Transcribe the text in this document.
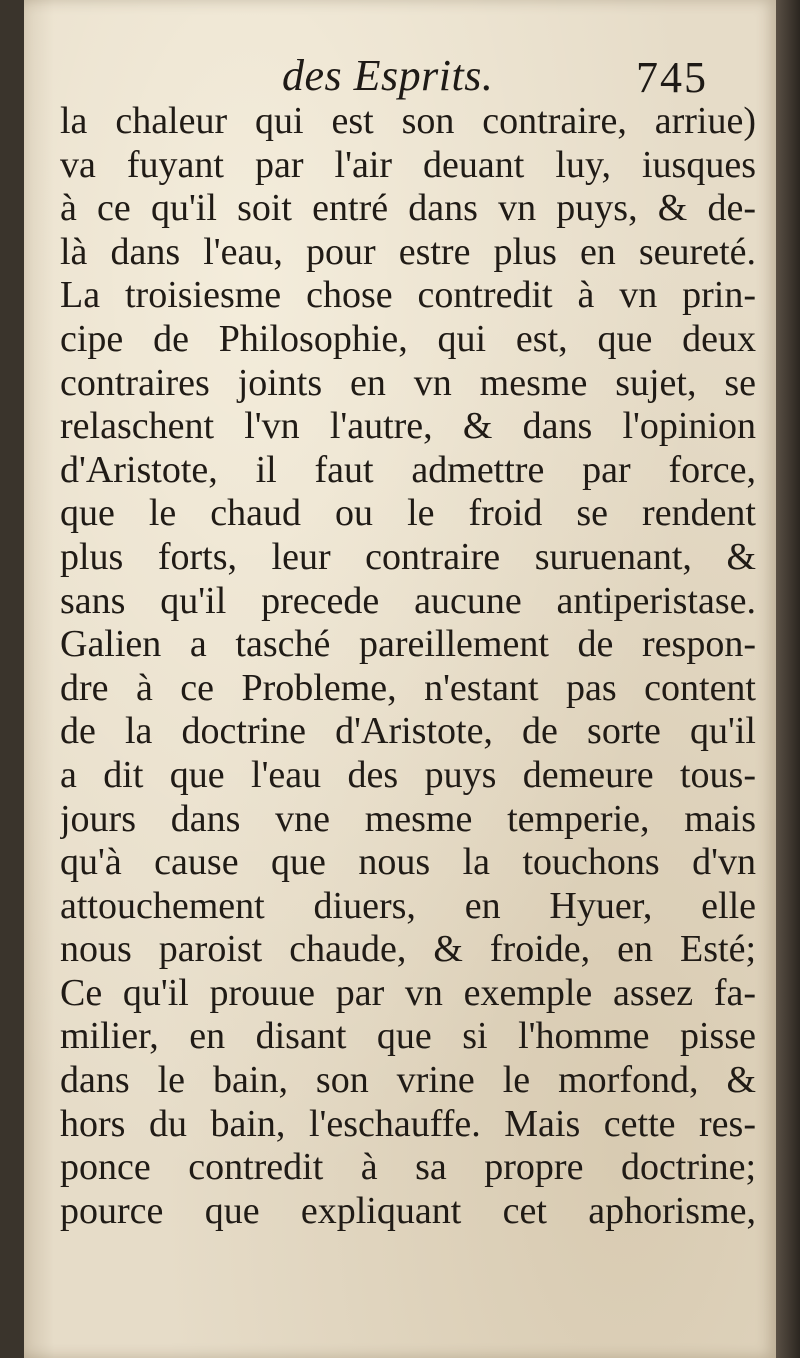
des Esprits.	745
la chaleur qui est son contraire, arriue)
va fuyant par l'air deuant luy, iusques
à ce qu'il soit entré dans vn puys, & de-
là dans l'eau, pour estre plus en seureté.
La troisiesme chose contredit à vn prin-
cipe de Philosophie, qui est, que deux
contraires joints en vn mesme sujet, se
relaschent l'vn l'autre, & dans l'opinion
d'Aristote, il faut admettre par force,
que le chaud ou le froid se rendent
plus forts, leur contraire suruenant, &
sans qu'il precede aucune antiperistase.
Galien a tasché pareillement de respon-
dre à ce Probleme, n'estant pas content
de la doctrine d'Aristote, de sorte qu'il
a dit que l'eau des puys demeure tous-
jours dans vne mesme temperie, mais
qu'à cause que nous la touchons d'vn
attouchement diuers, en Hyuer, elle
nous paroist chaude, & froide, en Esté;
Ce qu'il prouue par vn exemple assez fa-
milier, en disant que si l'homme pisse
dans le bain, son vrine le morfond, &
hors du bain, l'eschauffe. Mais cette res-
ponce contredit à sa propre doctrine;
pource que expliquant cet aphorisme,
